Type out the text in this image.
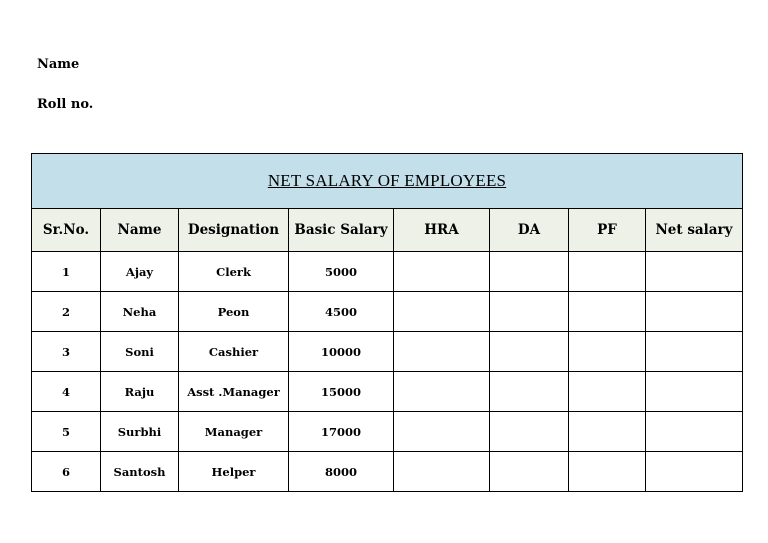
Name
Roll no.
NET SALARY OF EMPLOYEES							
Sr.No.	Name	Designation	Basic Salary	HRA	DA	PF	Net salary
1	Ajay	Clerk	5000				
2	Neha	Peon	4500				
3	Soni	Cashier	10000				
4	Raju	Asst .Manager	15000				
5	Surbhi	Manager	17000				
6	Santosh	Helper	8000				
